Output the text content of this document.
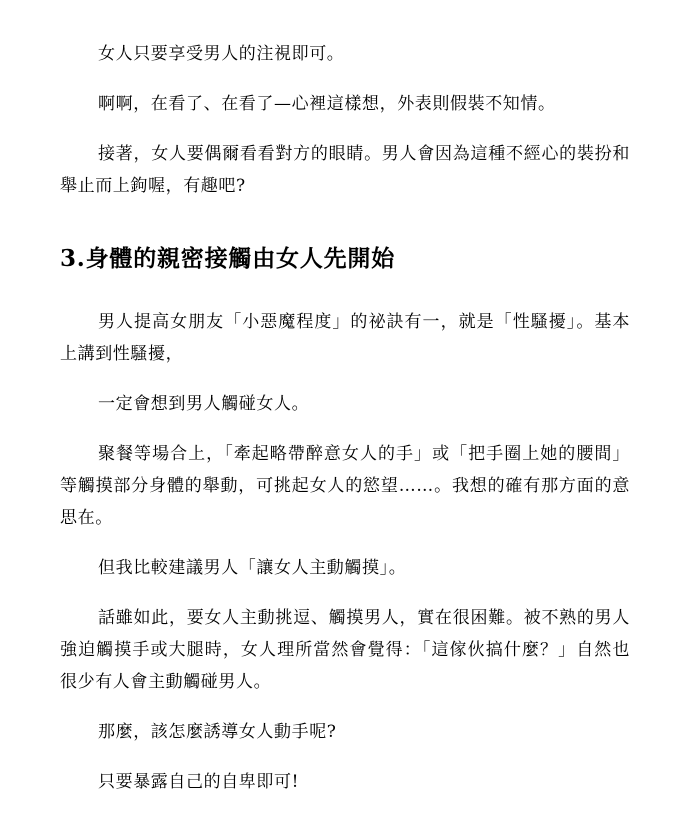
女人只要享受男人的注視即可。

啊啊，在看了、在看了—心裡這樣想，外表則假裝不知情。

接著，女人要偶爾看看對方的眼睛。男人會因為這種不經心的裝扮和舉止而上鉤喔，有趣吧?

3.身體的親密接觸由女人先開始

男人提高女朋友「小惡魔程度」的祕訣有一，就是「性騷擾」。基本上講到性騷擾，

一定會想到男人觸碰女人。

聚餐等場合上，「牽起略帶醉意女人的手」或「把手圈上她的腰間」等觸摸部分身體的舉動，可挑起女人的慾望……。我想的確有那方面的意思在。

但我比較建議男人「讓女人主動觸摸」。

話雖如此，要女人主動挑逗、觸摸男人，實在很困難。被不熟的男人強迫觸摸手或大腿時，女人理所當然會覺得：「這傢伙搞什麼？」自然也很少有人會主動觸碰男人。

那麼，該怎麼誘導女人動手呢?

只要暴露自己的自卑即可!
